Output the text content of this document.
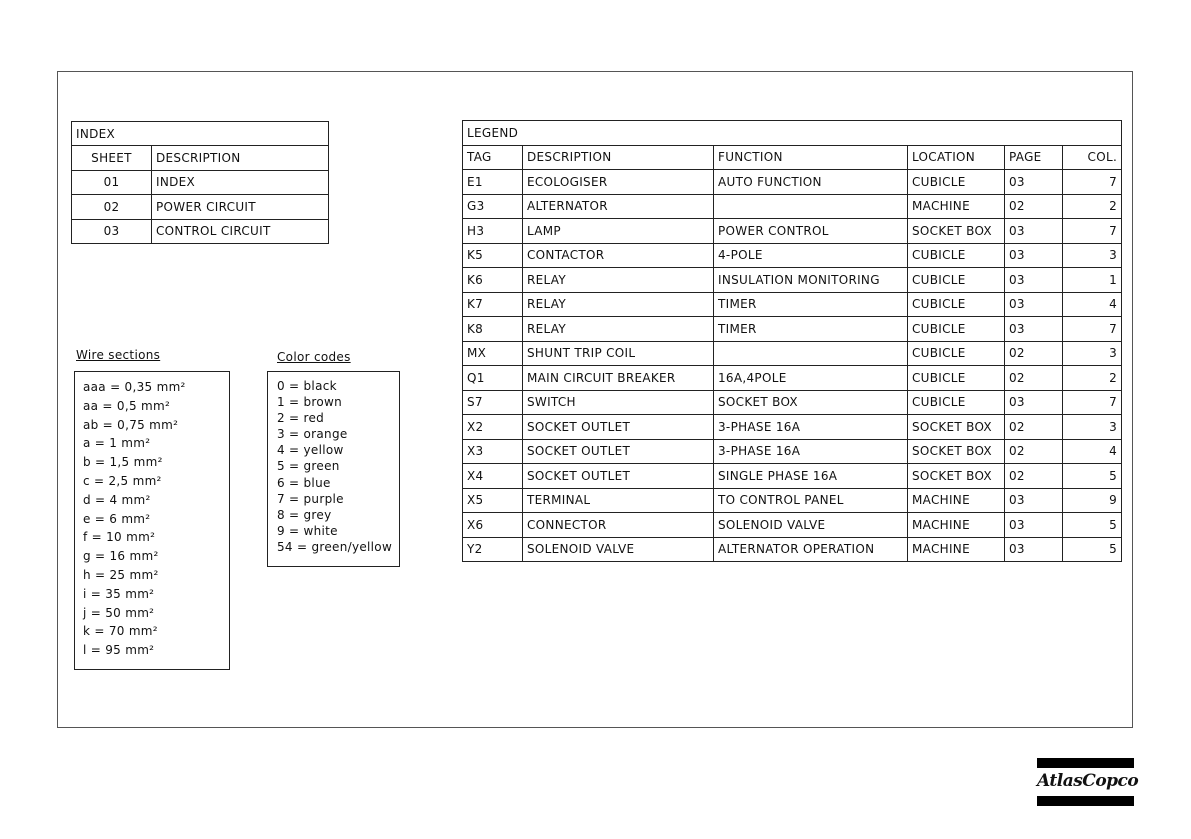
INDEX	
SHEET	DESCRIPTION
01	INDEX
02	POWER CIRCUIT
03	CONTROL CIRCUIT
LEGEND					
TAG	DESCRIPTION	FUNCTION	LOCATION	PAGE	COL.
E1	ECOLOGISER	AUTO FUNCTION	CUBICLE	03	7
G3	ALTERNATOR		MACHINE	02	2
H3	LAMP	POWER CONTROL	SOCKET BOX	03	7
K5	CONTACTOR	4-POLE	CUBICLE	03	3
K6	RELAY	INSULATION MONITORING	CUBICLE	03	1
K7	RELAY	TIMER	CUBICLE	03	4
K8	RELAY	TIMER	CUBICLE	03	7
MX	SHUNT TRIP COIL		CUBICLE	02	3
Q1	MAIN CIRCUIT BREAKER	16A,4POLE	CUBICLE	02	2
S7	SWITCH	SOCKET BOX	CUBICLE	03	7
X2	SOCKET OUTLET	3-PHASE 16A	SOCKET BOX	02	3
X3	SOCKET OUTLET	3-PHASE 16A	SOCKET BOX	02	4
X4	SOCKET OUTLET	SINGLE PHASE 16A	SOCKET BOX	02	5
X5	TERMINAL	TO CONTROL PANEL	MACHINE	03	9
X6	CONNECTOR	SOLENOID VALVE	MACHINE	03	5
Y2	SOLENOID VALVE	ALTERNATOR OPERATION	MACHINE	03	5
Wire sections
aaa = 0,35 mm²
aa = 0,5 mm²
ab = 0,75 mm²
a = 1 mm²
b = 1,5 mm²
c = 2,5 mm²
d = 4 mm²
e = 6 mm²
f = 10 mm²
g = 16 mm²
h = 25 mm²
i = 35 mm²
j = 50 mm²
k = 70 mm²
l = 95 mm²
Color codes
0 = black
1 = brown
2 = red
3 = orange
4 = yellow
5 = green
6 = blue
7 = purple
8 = grey
9 = white
54 = green/yellow
AtlasCopco
